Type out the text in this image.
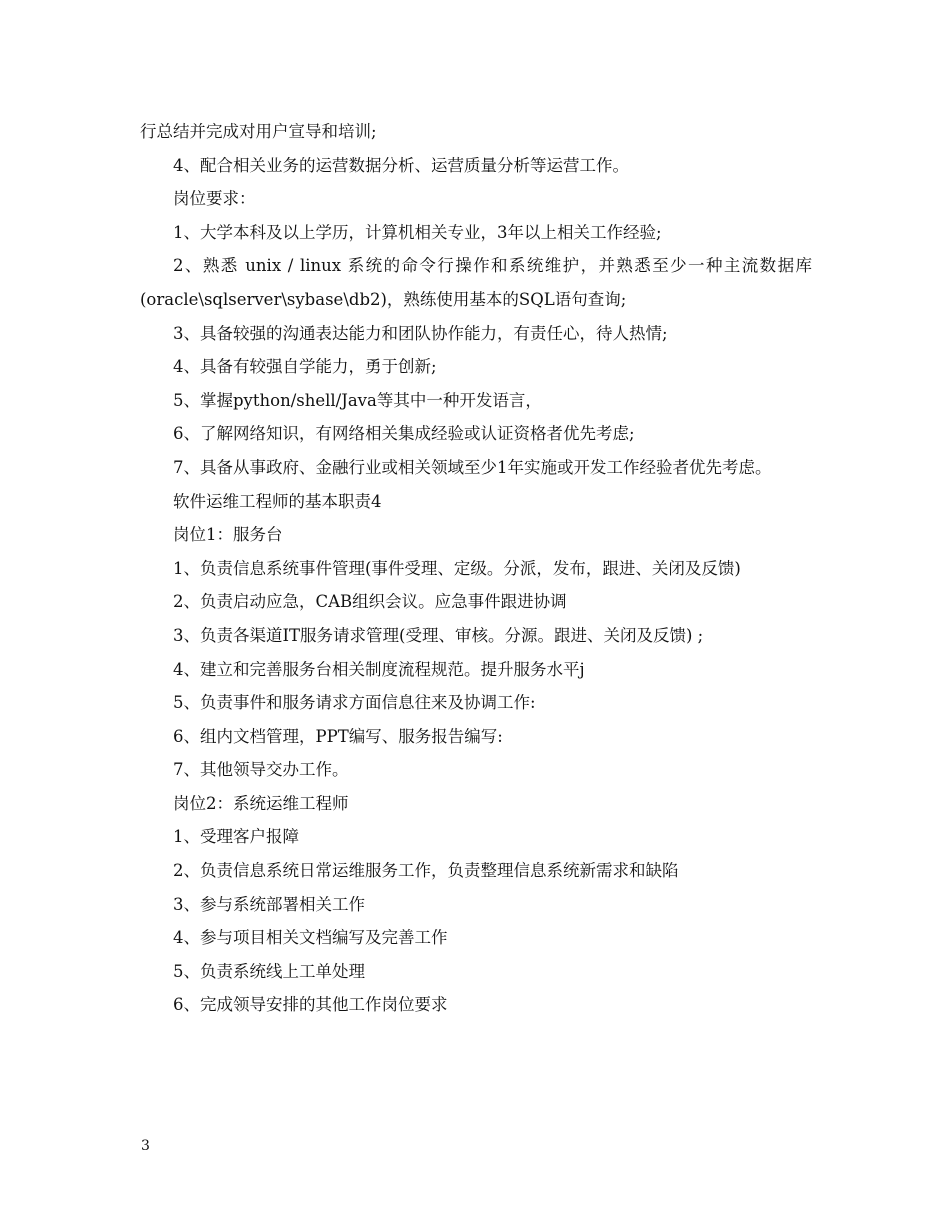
行总结并完成对用户宣导和培训;

4、配合相关业务的运营数据分析、运营质量分析等运营工作。

岗位要求：

1、大学本科及以上学历，计算机相关专业，3年以上相关工作经验;

2、熟悉 unix / linux 系统的命令行操作和系统维护，并熟悉至少一种主流数据库(oracle\sqlserver\sybase\db2)，熟练使用基本的SQL语句查询;

3、具备较强的沟通表达能力和团队协作能力，有责任心，待人热情;

4、具备有较强自学能力，勇于创新;

5、掌握python/shell/Java等其中一种开发语言，

6、了解网络知识，有网络相关集成经验或认证资格者优先考虑;

7、具备从事政府、金融行业或相关领域至少1年实施或开发工作经验者优先考虑。

软件运维工程师的基本职责4

岗位1：服务台

1、负责信息系统事件管理(事件受理、定级。分派，发布，跟进、关闭及反馈)

2、负责启动应急，CAB组织会议。应急事件跟进协调

3、负责各渠道IT服务请求管理(受理、审核。分源。跟进、关闭及反馈) ;

4、建立和完善服务台相关制度流程规范。提升服务水平j

5、负责事件和服务请求方面信息往来及协调工作:

6、组内文档管理，PPT编写、服务报告编写:

7、其他领导交办工作。

岗位2：系统运维工程师

1、受理客户报障

2、负责信息系统日常运维服务工作，负责整理信息系统新需求和缺陷

3、参与系统部署相关工作

4、参与项目相关文档编写及完善工作

5、负责系统线上工单处理

6、完成领导安排的其他工作岗位要求

3
